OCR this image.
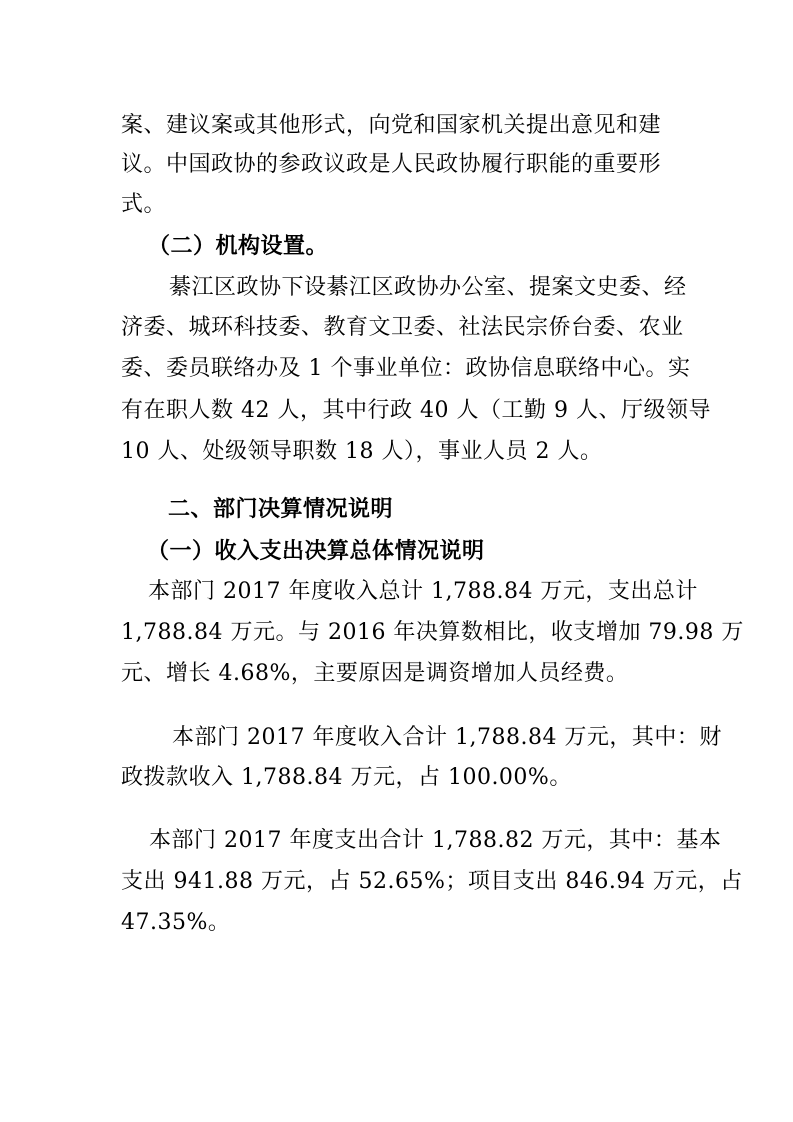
案、建议案或其他形式，向党和国家机关提出意见和建
议。中国政协的参政议政是人民政协履行职能的重要形
式。
（二）机构设置。
綦江区政协下设綦江区政协办公室、提案文史委、经
济委、城环科技委、教育文卫委、社法民宗侨台委、农业
委、委员联络办及 1 个事业单位：政协信息联络中心。实
有在职人数 42 人，其中行政 40 人（工勤 9 人、厅级领导
10 人、处级领导职数 18 人），事业人员 2 人。
二、部门决算情况说明
（一）收入支出决算总体情况说明
本部门 2017 年度收入总计 1,788.84 万元，支出总计
1,788.84 万元。与 2016 年决算数相比，收支增加 79.98 万
元、增长 4.68%，主要原因是调资增加人员经费。
本部门 2017 年度收入合计 1,788.84 万元，其中：财
政拨款收入 1,788.84 万元，占 100.00%。
本部门 2017 年度支出合计 1,788.82 万元，其中：基本
支出 941.88 万元，占 52.65%；项目支出 846.94 万元，占
47.35%。
